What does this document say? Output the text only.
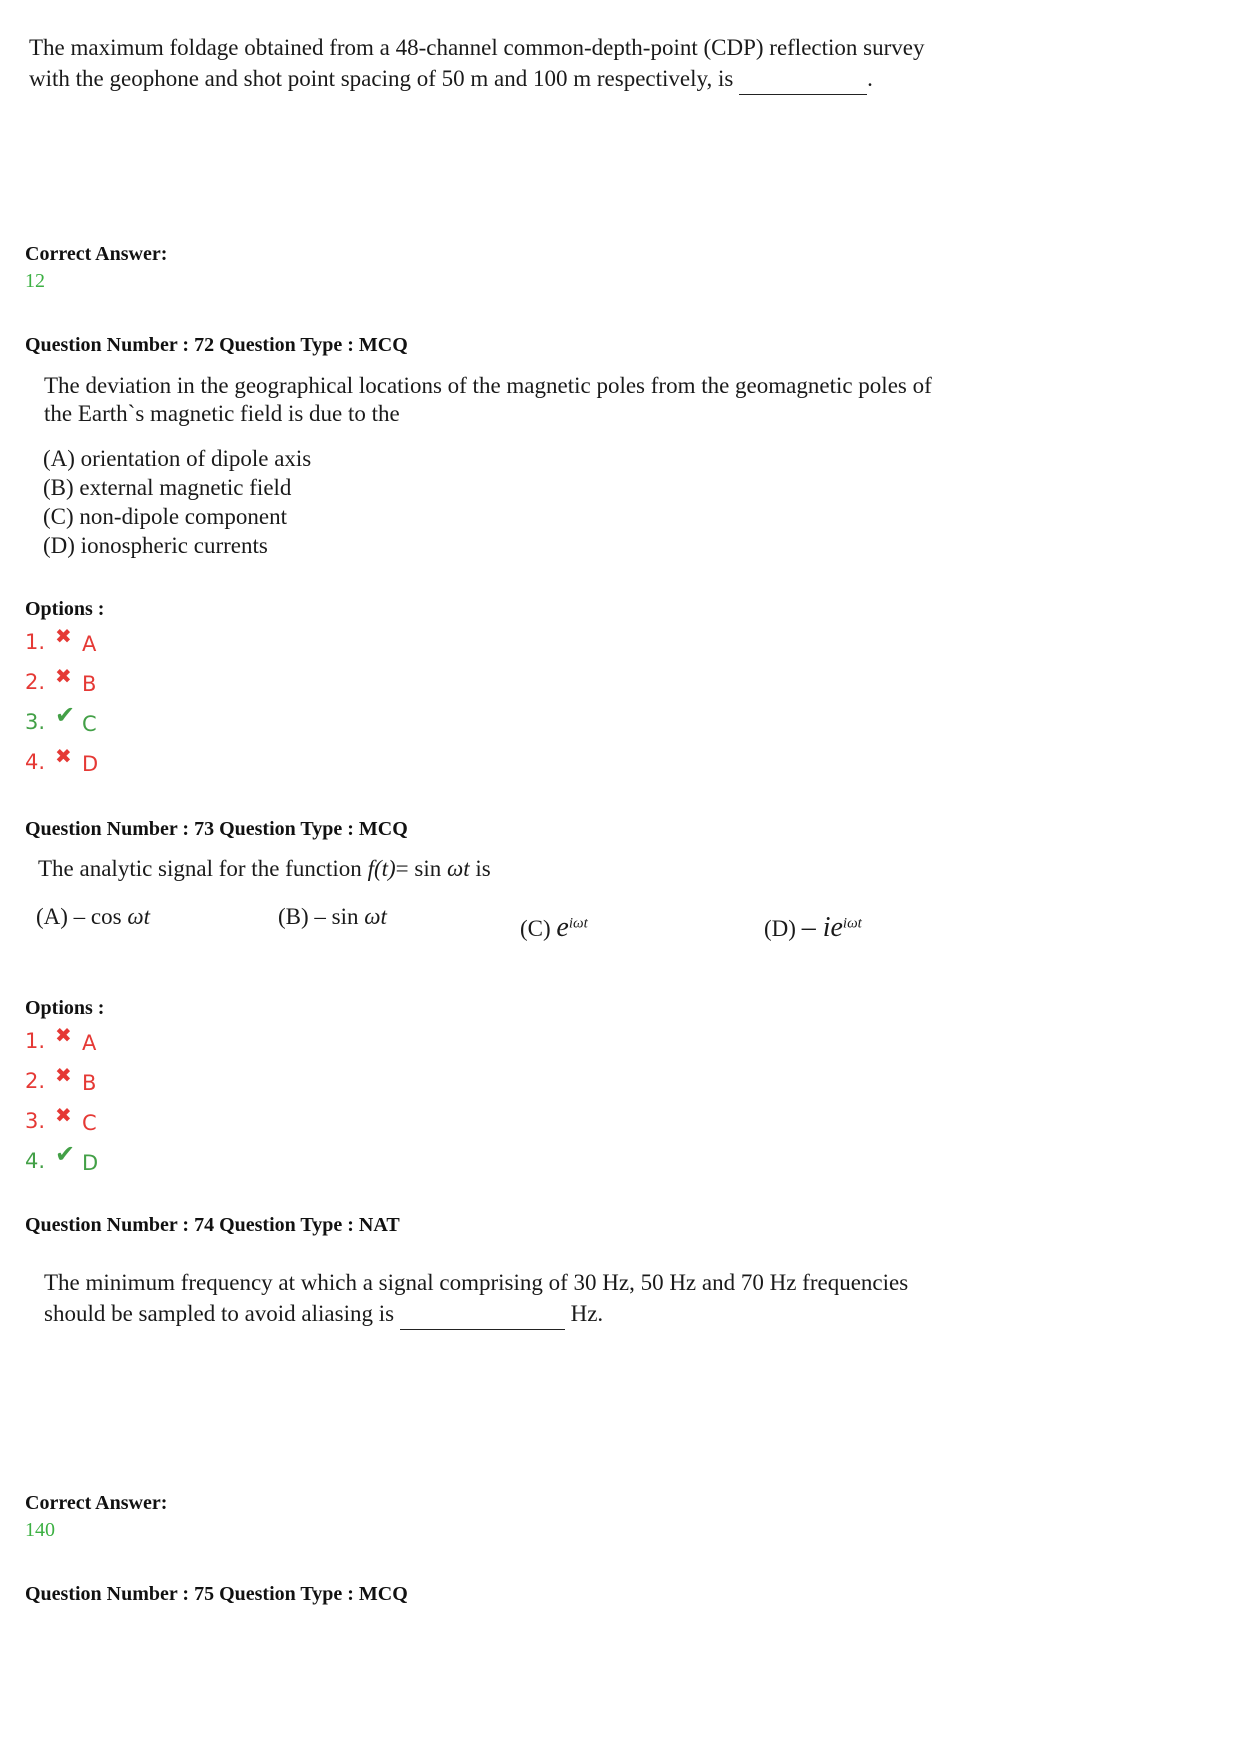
The maximum foldage obtained from a 48-channel common-depth-point (CDP) reflection survey

with the geophone and shot point spacing of 50 m and 100 m respectively, is	.

Correct Answer:
12
Question Number : 72 Question Type : MCQ

The deviation in the geographical locations of the magnetic poles from the geomagnetic poles of

the Earth`s magnetic field is due to the

(A) orientation of dipole axis
(B) external magnetic field
(C) non-dipole component
(D) ionospheric currents
Options :
1. ✖ A
2. ✖ B
3. ✔ C
4. ✖ D
Question Number : 73 Question Type : MCQ
The analytic signal for the function f(t)= sin ωt is
(A) – cos ωt	(B) – sin ωt	(C) $e^{i\omega t}$	$(D) - ie^{i\omega t}$
Options :
1. ✖ A
2. ✖ B
3. ✖ C
4. ✔ D
Question Number : 74 Question Type : NAT

The minimum frequency at which a signal comprising of 30 Hz, 50 Hz and 70 Hz frequencies

should be sampled to avoid aliasing is	Hz.

Correct Answer:
140
Question Number : 75 Question Type : MCQ
